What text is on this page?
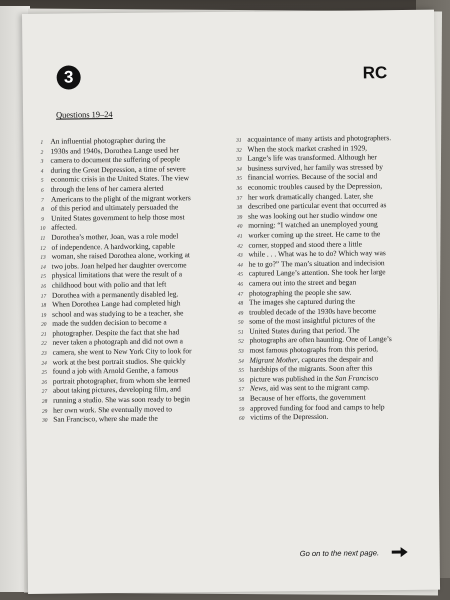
3	RC
Questions 19–24
1 An influential photographer during the
2 1930s and 1940s, Dorothea Lange used her
3 camera to document the suffering of people
4 during the Great Depression, a time of severe
5 economic crisis in the United States. The view
6 through the lens of her camera alerted
7 Americans to the plight of the migrant workers
8 of this period and ultimately persuaded the
9 United States government to help those most
10 affected.
11 Dorothea’s mother, Joan, was a role model
12 of independence. A hardworking, capable
13 woman, she raised Dorothea alone, working at
14 two jobs. Joan helped her daughter overcome
15 physical limitations that were the result of a
16 childhood bout with polio and that left
17 Dorothea with a permanently disabled leg.
18 When Dorothea Lange had completed high
19 school and was studying to be a teacher, she
20 made the sudden decision to become a
21 photographer. Despite the fact that she had
22 never taken a photograph and did not own a
23 camera, she went to New York City to look for
24 work at the best portrait studios. She quickly
25 found a job with Arnold Genthe, a famous
26 portrait photographer, from whom she learned
27 about taking pictures, developing film, and
28 running a studio. She was soon ready to begin
29 her own work. She eventually moved to
30 San Francisco, where she made the
31 acquaintance of many artists and photographers.
32 When the stock market crashed in 1929,
33 Lange’s life was transformed. Although her
34 business survived, her family was stressed by
35 financial worries. Because of the social and
36 economic troubles caused by the Depression,
37 her work dramatically changed. Later, she
38 described one particular event that occurred as
39 she was looking out her studio window one
40 morning: “I watched an unemployed young
41 worker coming up the street. He came to the
42 corner, stopped and stood there a little
43 while . . . What was he to do? Which way was
44 he to go?” The man’s situation and indecision
45 captured Lange’s attention. She took her large
46 camera out into the street and began
47 photographing the people she saw.
48 The images she captured during the
49 troubled decade of the 1930s have become
50 some of the most insightful pictures of the
51 United States during that period. The
52 photographs are often haunting. One of Lange’s
53 most famous photographs from this period,
54 Migrant Mother, captures the despair and
55 hardships of the migrants. Soon after this
56 picture was published in the San Francisco
57 News, aid was sent to the migrant camp.
58 Because of her efforts, the government
59 approved funding for food and camps to help
60 victims of the Depression.
Go on to the next page.
